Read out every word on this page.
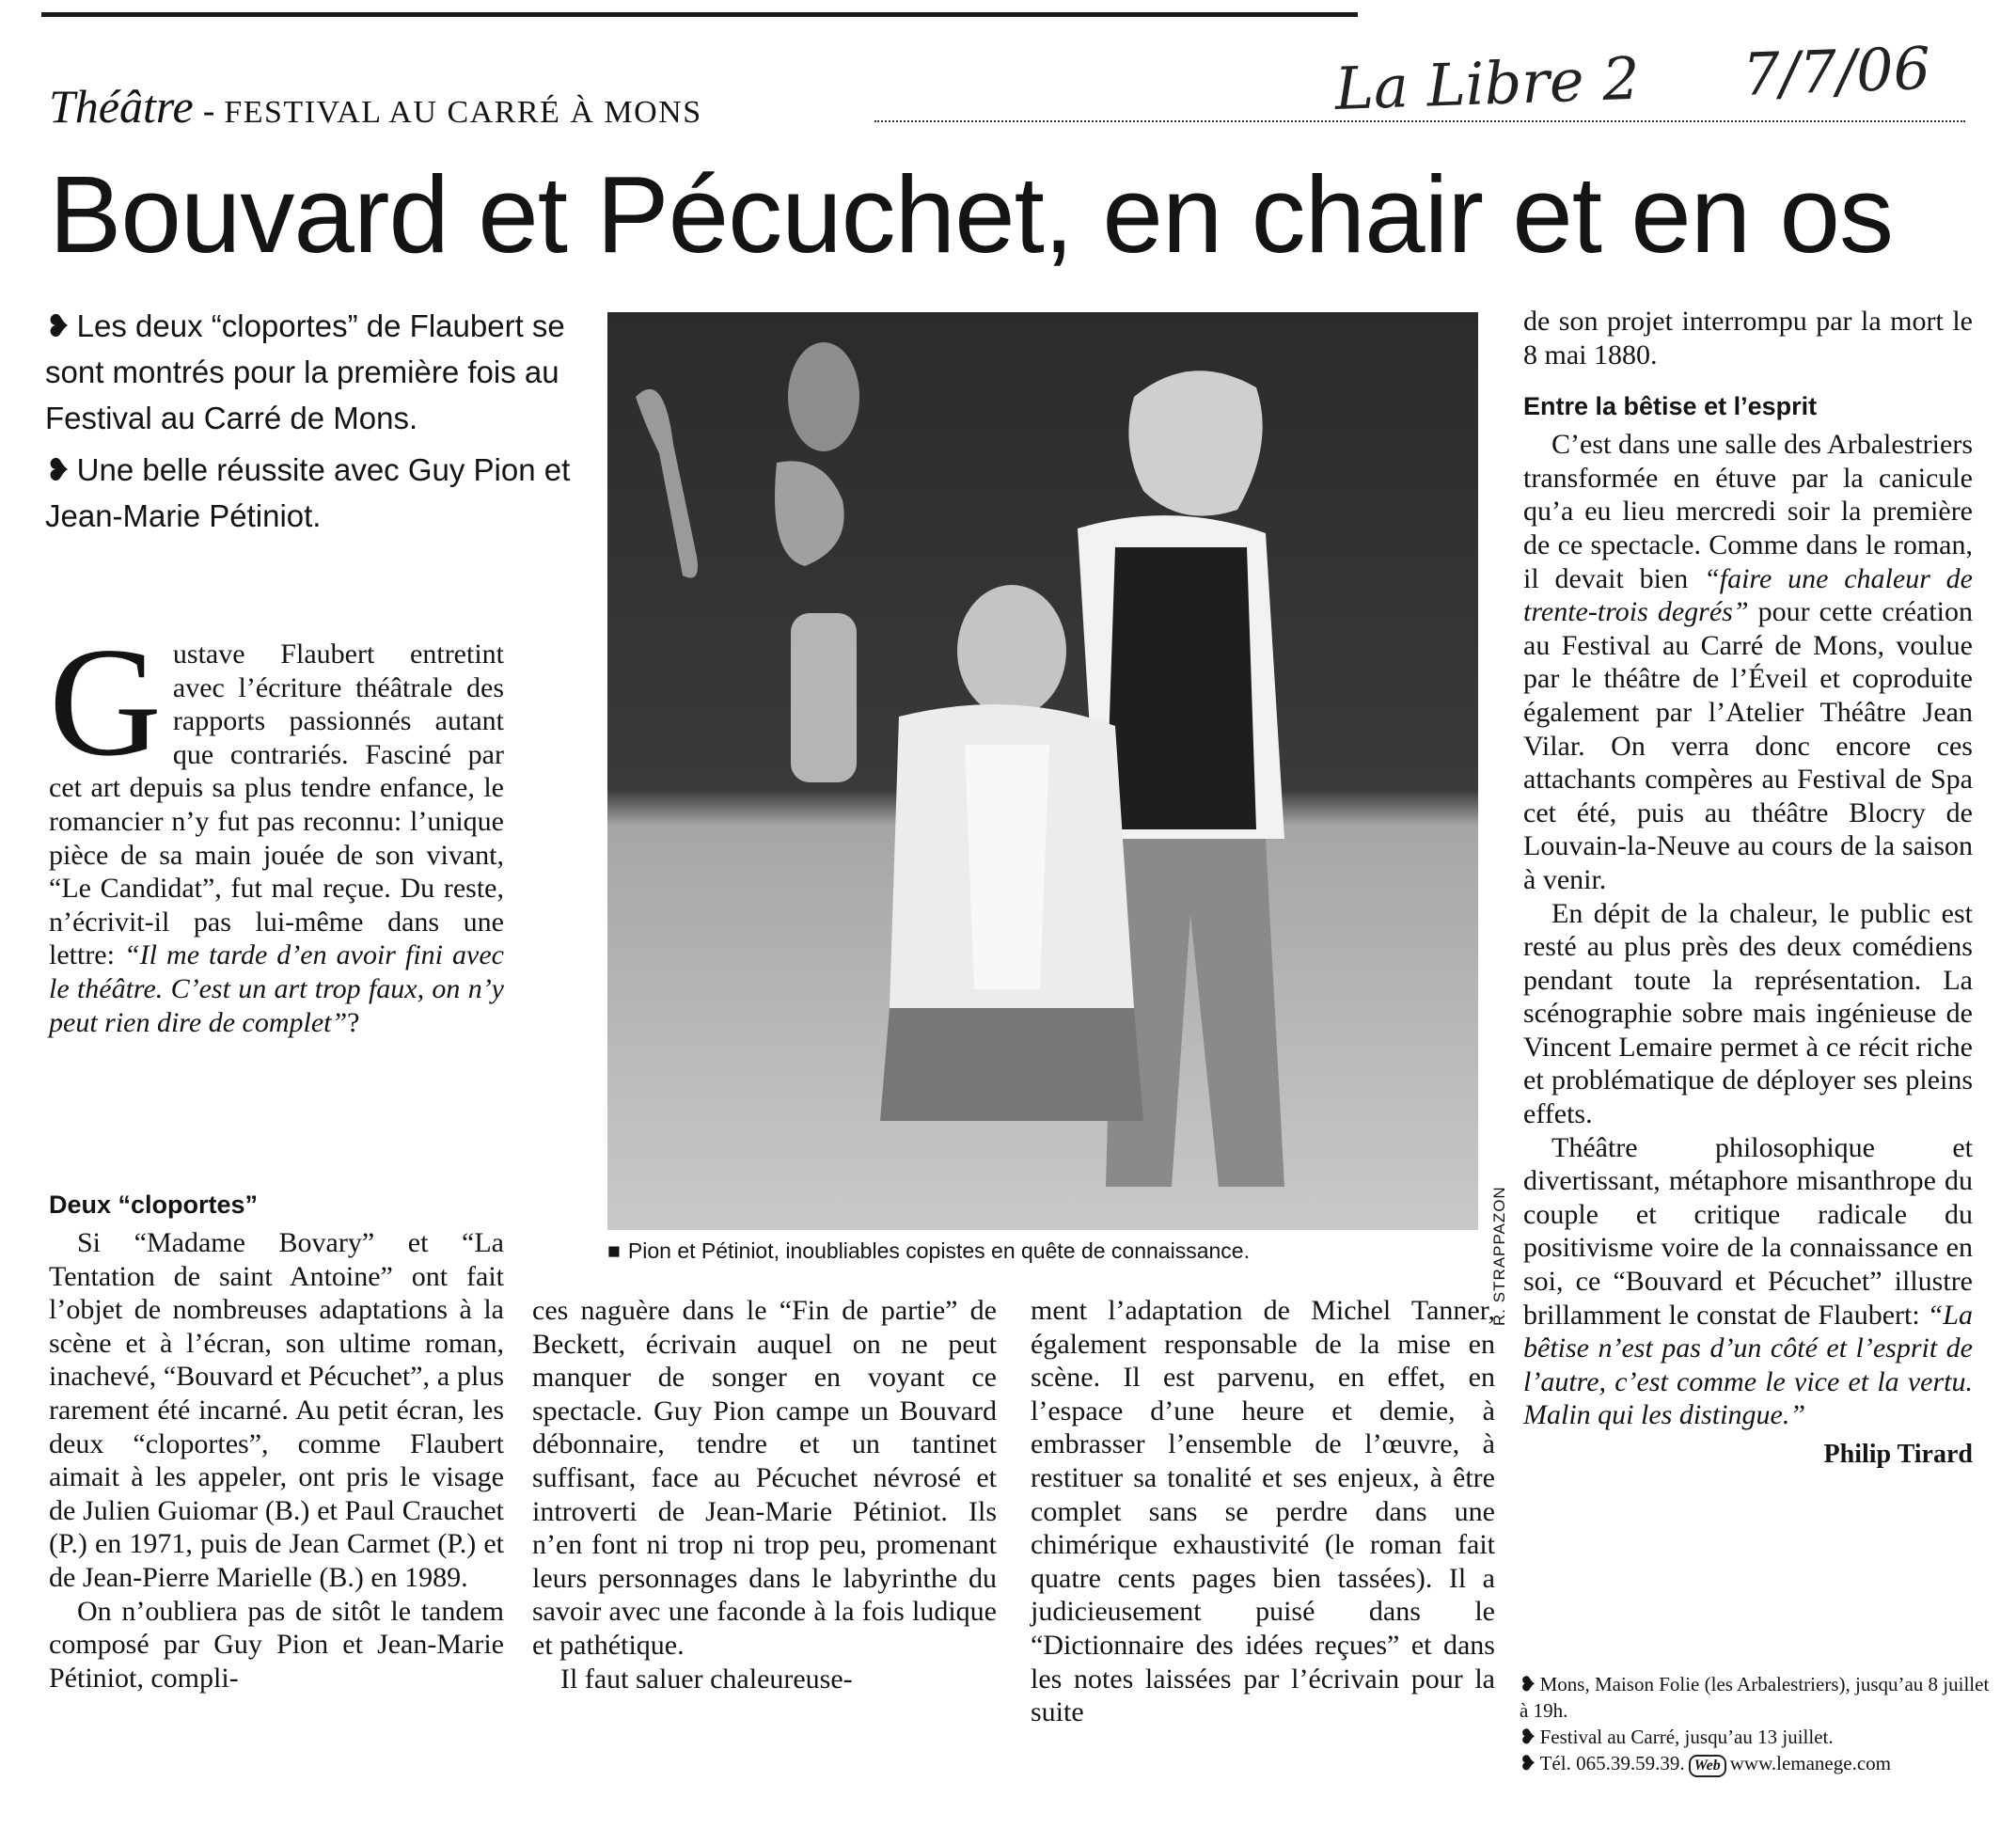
Théâtre - FESTIVAL AU CARRÉ À MONS	La Libre 2 7/7/06
Bouvard et Pécuchet, en chair et en os

❥ Les deux “cloportes” de Flaubert se sont montrés pour la première fois au Festival au Carré de Mons.

❥ Une belle réussite avec Guy Pion et Jean-Marie Pétiniot.

Gustave Flaubert entretint avec l’écriture théâtrale des rapports passionnés autant que contrariés. Fasciné par cet art depuis sa plus tendre enfance, le romancier n’y fut pas reconnu: l’unique pièce de sa main jouée de son vivant, “Le Candidat”, fut mal reçue. Du reste, n’écrivit-il pas lui-même dans une lettre: “Il me tarde d’en avoir fini avec le théâtre. C’est un art trop faux, on n’y peut rien dire de complet”?

Deux “cloportes”

Si “Madame Bovary” et “La Tentation de saint Antoine” ont fait l’objet de nombreuses adaptations à la scène et à l’écran, son ultime roman, inachevé, “Bouvard et Pécuchet”, a plus rarement été incarné. Au petit écran, les deux “cloportes”, comme Flaubert aimait à les appeler, ont pris le visage de Julien Guiomar (B.) et Paul Crauchet (P.) en 1971, puis de Jean Carmet (P.) et de Jean-Pierre Marielle (B.) en 1989.

On n’oubliera pas de sitôt le tandem composé par Guy Pion et Jean-Marie Pétiniot, compli-

ces naguère dans le “Fin de partie” de Beckett, écrivain auquel on ne peut manquer de songer en voyant ce spectacle. Guy Pion campe un Bouvard débonnaire, tendre et un tantinet suffisant, face au Pécuchet névrosé et introverti de Jean-Marie Pétiniot. Ils n’en font ni trop ni trop peu, promenant leurs personnages dans le labyrinthe du savoir avec une faconde à la fois ludique et pathétique.

Il faut saluer chaleureuse-

ment l’adaptation de Michel Tanner, également responsable de la mise en scène. Il est parvenu, en effet, en l’espace d’une heure et demie, à embrasser l’ensemble de l’œuvre, à restituer sa tonalité et ses enjeux, à être complet sans se perdre dans une chimérique exhaustivité (le roman fait quatre cents pages bien tassées). Il a judicieusement puisé dans le “Dictionnaire des idées reçues” et dans les notes laissées par l’écrivain pour la suite

de son projet interrompu par la mort le 8 mai 1880.

Entre la bêtise et l’esprit

C’est dans une salle des Arbalestriers transformée en étuve par la canicule qu’a eu lieu mercredi soir la première de ce spectacle. Comme dans le roman, il devait bien “faire une chaleur de trente-trois degrés” pour cette création au Festival au Carré de Mons, voulue par le théâtre de l’Éveil et coproduite également par l’Atelier Théâtre Jean Vilar. On verra donc encore ces attachants compères au Festival de Spa cet été, puis au théâtre Blocry de Louvain-la-Neuve au cours de la saison à venir.

En dépit de la chaleur, le public est resté au plus près des deux comédiens pendant toute la représentation. La scénographie sobre mais ingénieuse de Vincent Lemaire permet à ce récit riche et problématique de déployer ses pleins effets.

Théâtre philosophique et divertissant, métaphore misanthrope du couple et critique radicale du positivisme voire de la connaissance en soi, ce “Bouvard et Pécuchet” illustre brillamment le constat de Flaubert: “La bêtise n’est pas d’un côté et l’esprit de l’autre, c’est comme le vice et la vertu. Malin qui les distingue.”

Philip Tirard
R. STRAPPAZON
■ Pion et Pétiniot, inoubliables copistes en quête de connaissance.

❥ Mons, Maison Folie (les Arbalestriers), jusqu’au 8 juillet à 19h.

❥ Festival au Carré, jusqu’au 13 juillet.

❥ Tél. 065.39.59.39. Web www.lemanege.com
